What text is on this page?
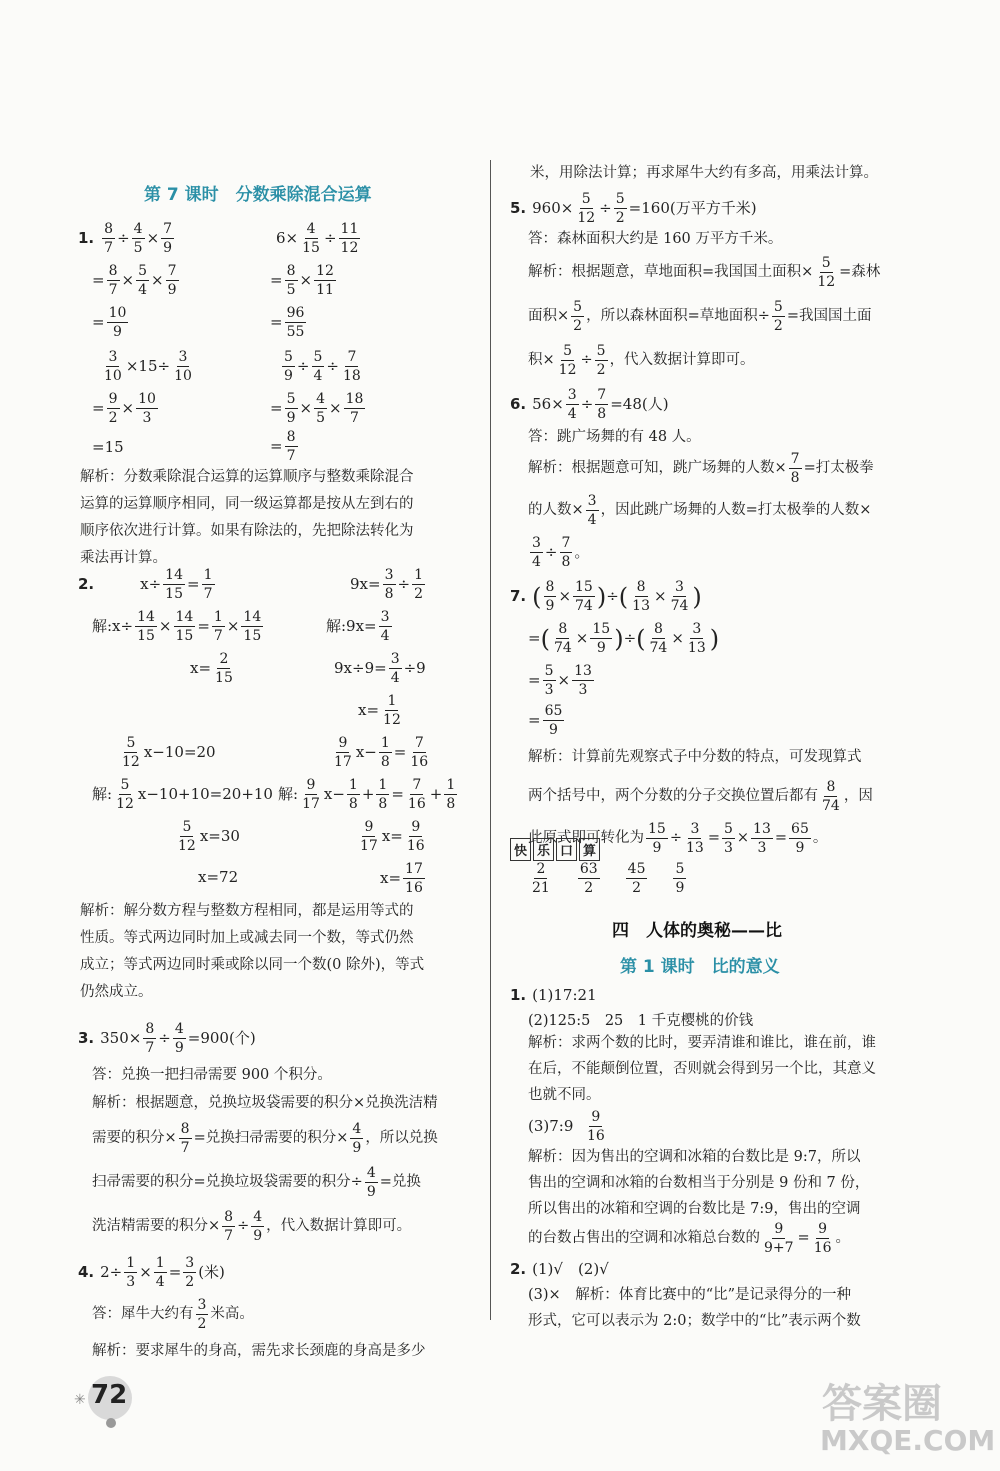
第 7 课时　分数乘除混合运算
1. $\frac{8}{7} \div \frac{4}{5} \times \frac{7}{9}$	$6\times \frac{4}{15} \div \frac{11}{12}$
= $\frac{8}{7} \times \frac{5}{4} \times \frac{7}{9}$	= $\frac{8}{5} \times \frac{12}{11}$
= $\frac{10}{9}$	= $\frac{96}{55}$
$\frac{3}{10} \times 15\div \frac{3}{10}$	$\frac{5}{9} \div \frac{5}{4} \div \frac{7}{18}$
= $\frac{9}{2} \times \frac{10}{3}$	= $\frac{5}{9} \times \frac{4}{5} \times \frac{18}{7}$
=15	= $\frac{8}{7}$
解析：分数乘除混合运算的运算顺序与整数乘除混合
运算的运算顺序相同，同一级运算都是按从左到右的
顺序依次进行计算。如果有除法的，先把除法转化为
乘法再计算。
2.	$x\div \frac{14}{15} = \frac{1}{7}$	$9x= \frac{3}{8} \div \frac{1}{2}$
解:x÷ $\frac{14}{15} \times \frac{14}{15} = \frac{1}{7} \times \frac{14}{15}$	解:9x= $\frac{3}{4}$
$x= \frac{2}{15}$	$9x\div 9= \frac{3}{4} \div 9$
$x= \frac{1}{12}$
$\frac{5}{12} x-10=20$	$\frac{9}{17} x- \frac{1}{8} = \frac{7}{16}$
解: $\frac{5}{12} x-10+10=20+10$ 解: $\frac{9}{17} x- \frac{1}{8} + \frac{1}{8} = \frac{7}{16} + \frac{1}{8}$
$\frac{5}{12} x=30$	$\frac{9}{17} x= \frac{9}{16}$
x=72	$x= \frac{17}{16}$
解析：解分数方程与整数方程相同，都是运用等式的
性质。等式两边同时加上或减去同一个数，等式仍然
成立；等式两边同时乘或除以同一个数(0 除外)，等式
仍然成立。
3. $350\times \frac{8}{7} \div \frac{4}{9} =900$(个)
答：兑换一把扫帚需要 900 个积分。
解析：根据题意，兑换垃圾袋需要的积分×兑换洗洁精
需要的积分× $\frac{8}{7}$ =兑换扫帚需要的积分× $\frac{4}{9}$ ，所以兑换
扫帚需要的积分=兑换垃圾袋需要的积分÷ $\frac{4}{9}$ =兑换
洗洁精需要的积分× $\frac{8}{7} \div \frac{4}{9}$ ，代入数据计算即可。
4. $2\div \frac{1}{3} \times \frac{1}{4} = \frac{3}{2}$ (米)
答：犀牛大约有 $\frac{3}{2}$ 米高。
解析：要求犀牛的身高，需先求长颈鹿的身高是多少
✳ 72
米，用除法计算；再求犀牛大约有多高，用乘法计算。
5. $960\times \frac{5}{12} \div \frac{5}{2} =160$(万平方千米)
答：森林面积大约是 160 万平方千米。
解析：根据题意，草地面积=我国国土面积× $\frac{5}{12}$ =森林
面积× $\frac{5}{2}$ ，所以森林面积=草地面积÷ $\frac{5}{2}$ =我国国土面
积× $\frac{5}{12} \div \frac{5}{2}$ ，代入数据计算即可。
6. $56\times \frac{3}{4} \div \frac{7}{8} =48$(人)
答：跳广场舞的有 48 人。
解析：根据题意可知，跳广场舞的人数× $\frac{7}{8}$ =打太极拳
的人数× $\frac{3}{4}$ ，因此跳广场舞的人数=打太极拳的人数×
$\frac{3}{4} \div \frac{7}{8}$ 。
7. ( $\frac{8}{9} \times \frac{15}{74}$ ) ÷ ( $\frac{8}{13} \times \frac{3}{74}$ )
= ( $\frac{8}{74} \times \frac{15}{9}$ ) ÷ ( $\frac{8}{74} \times \frac{3}{13}$ )
= $\frac{5}{3} \times \frac{13}{3}$
= $\frac{65}{9}$
解析：计算前先观察式子中分数的特点，可发现算式
两个括号中，两个分数的分子交换位置后都有 $\frac{8}{74}$ ，因
此原式即可转化为 $\frac{15}{9} \div \frac{3}{13} = \frac{5}{3} \times \frac{13}{3} = \frac{65}{9}$ 。
快 乐 口 算
$\frac{2}{21} \frac{63}{2} \frac{45}{2} \frac{5}{9}$
四　人体的奥秘——比
第 1 课时　比的意义
1. (1)17:21
(2)125:5　25　1 千克樱桃的价钱
解析：求两个数的比时，要弄清谁和谁比，谁在前，谁
在后，不能颠倒位置，否则就会得到另一个比，其意义
也就不同。
(3)7:9
$\frac{9}{16}$
解析：因为售出的空调和冰箱的台数比是 9:7，所以
售出的空调和冰箱的台数相当于分别是 9 份和 7 份，
所以售出的冰箱和空调的台数比是 7:9，售出的空调
的台数占售出的空调和冰箱总台数的 $\frac{9}{9+7} = \frac{9}{16}$ 。
2. (1)√　(2)√
(3)×　解析：体育比赛中的“比”是记录得分的一种
形式，它可以表示为 2:0；数学中的“比”表示两个数
答案圈
MXQE.COM
